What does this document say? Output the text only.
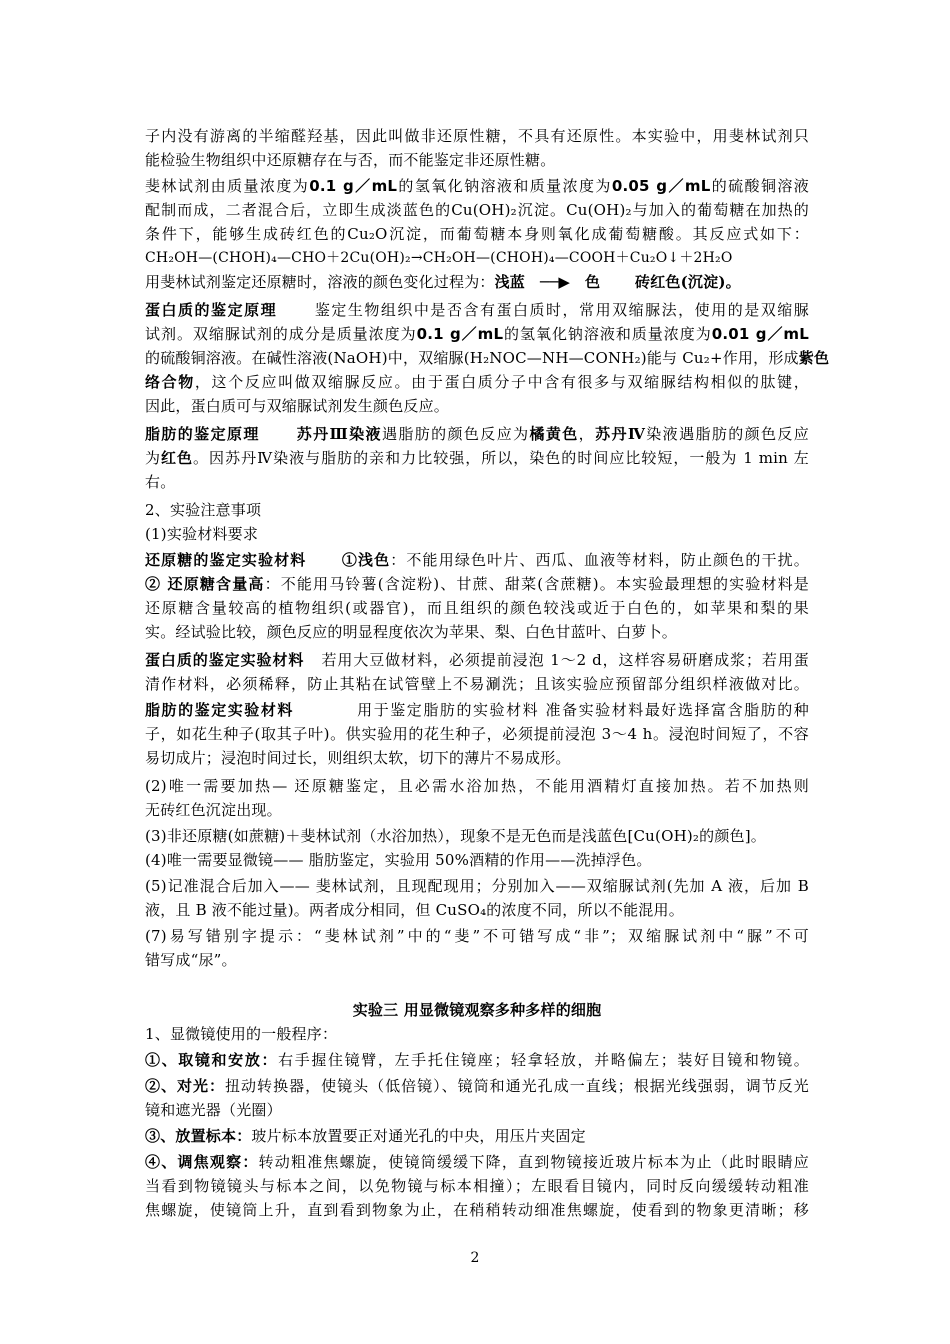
子内没有游离的半缩醛羟基，因此叫做非还原性糖，不具有还原性。本实验中，用斐林试剂只
能检验生物组织中还原糖存在与否，而不能鉴定非还原性糖。
斐林试剂由质量浓度为0.1 g／mL的氢氧化钠溶液和质量浓度为0.05 g／mL的硫酸铜溶液
配制而成，二者混合后，立即生成淡蓝色的Cu(OH)₂沉淀。Cu(OH)₂与加入的葡萄糖在加热的
条件下，能够生成砖红色的Cu₂O沉淀，而葡萄糖本身则氧化成葡萄糖酸。其反应式如下：
CH₂OH—(CHOH)₄—CHO＋2Cu(OH)₂→CH₂OH—(CHOH)₄—COOH＋Cu₂O↓＋2H₂O
用斐林试剂鉴定还原糖时，溶液的颜色变化过程为：浅蓝 ──▶ 色 砖红色(沉淀)。
蛋白质的鉴定原理	鉴定生物组织中是否含有蛋白质时，常用双缩脲法，使用的是双缩脲
试剂。双缩脲试剂的成分是质量浓度为0.1 g／mL的氢氧化钠溶液和质量浓度为0.01 g／mL
的硫酸铜溶液。在碱性溶液(NaOH)中，双缩脲(H₂NOC—NH—CONH₂)能与 Cu₂+作用，形成紫色
络合物，这个反应叫做双缩脲反应。由于蛋白质分子中含有很多与双缩脲结构相似的肽键，
因此，蛋白质可与双缩脲试剂发生颜色反应。
脂肪的鉴定原理 苏丹Ⅲ染液遇脂肪的颜色反应为橘黄色，苏丹Ⅳ染液遇脂肪的颜色反应
为红色。因苏丹Ⅳ染液与脂肪的亲和力比较强，所以，染色的时间应比较短，一般为 1 min 左
右。
2、实验注意事项
(1)实验材料要求
还原糖的鉴定实验材料 ①浅色：不能用绿色叶片、西瓜、血液等材料，防止颜色的干扰。
② 还原糖含量高：不能用马铃薯(含淀粉)、甘蔗、甜菜(含蔗糖)。本实验最理想的实验材料是
还原糖含量较高的植物组织(或器官)，而且组织的颜色较浅或近于白色的，如苹果和梨的果
实。经试验比较，颜色反应的明显程度依次为苹果、梨、白色甘蓝叶、白萝卜。
蛋白质的鉴定实验材料 若用大豆做材料，必须提前浸泡 1～2 d，这样容易研磨成浆；若用蛋
清作材料，必须稀释，防止其粘在试管壁上不易涮洗；且该实验应预留部分组织样液做对比。
脂肪的鉴定实验材料	用于鉴定脂肪的实验材料 准备实验材料最好选择富含脂肪的种
子，如花生种子(取其子叶)。供实验用的花生种子，必须提前浸泡 3～4 h。浸泡时间短了，不容
易切成片；浸泡时间过长，则组织太软，切下的薄片不易成形。
(2)唯一需要加热— 还原糖鉴定，且必需水浴加热，不能用酒精灯直接加热。若不加热则
无砖红色沉淀出现。
(3)非还原糖(如蔗糖)＋斐林试剂（水浴加热），现象不是无色而是浅蓝色[Cu(OH)₂的颜色]。
(4)唯一需要显微镜—— 脂肪鉴定，实验用 50%酒精的作用——洗掉浮色。
(5)记准混合后加入—— 斐林试剂，且现配现用；分别加入——双缩脲试剂(先加 A 液，后加 B
液，且 B 液不能过量)。两者成分相同，但 CuSO₄的浓度不同，所以不能混用。
(7)易写错别字提示：“斐林试剂”中的“斐”不可错写成“非”；双缩脲试剂中“脲”不可
错写成“尿”。
实验三 用显微镜观察多种多样的细胞
1、显微镜使用的一般程序：
①、取镜和安放：右手握住镜臂，左手托住镜座；轻拿轻放，并略偏左；装好目镜和物镜。
②、对光：扭动转换器，使镜头（低倍镜）、镜筒和通光孔成一直线；根据光线强弱，调节反光
镜和遮光器（光圈）
③、放置标本：玻片标本放置要正对通光孔的中央，用压片夹固定
④、调焦观察：转动粗准焦螺旋，使镜筒缓缓下降，直到物镜接近玻片标本为止（此时眼睛应
当看到物镜镜头与标本之间，以免物镜与标本相撞）；左眼看目镜内，同时反向缓缓转动粗准
焦螺旋，使镜筒上升，直到看到物象为止，在稍稍转动细准焦螺旋，使看到的物象更清晰；移
2
